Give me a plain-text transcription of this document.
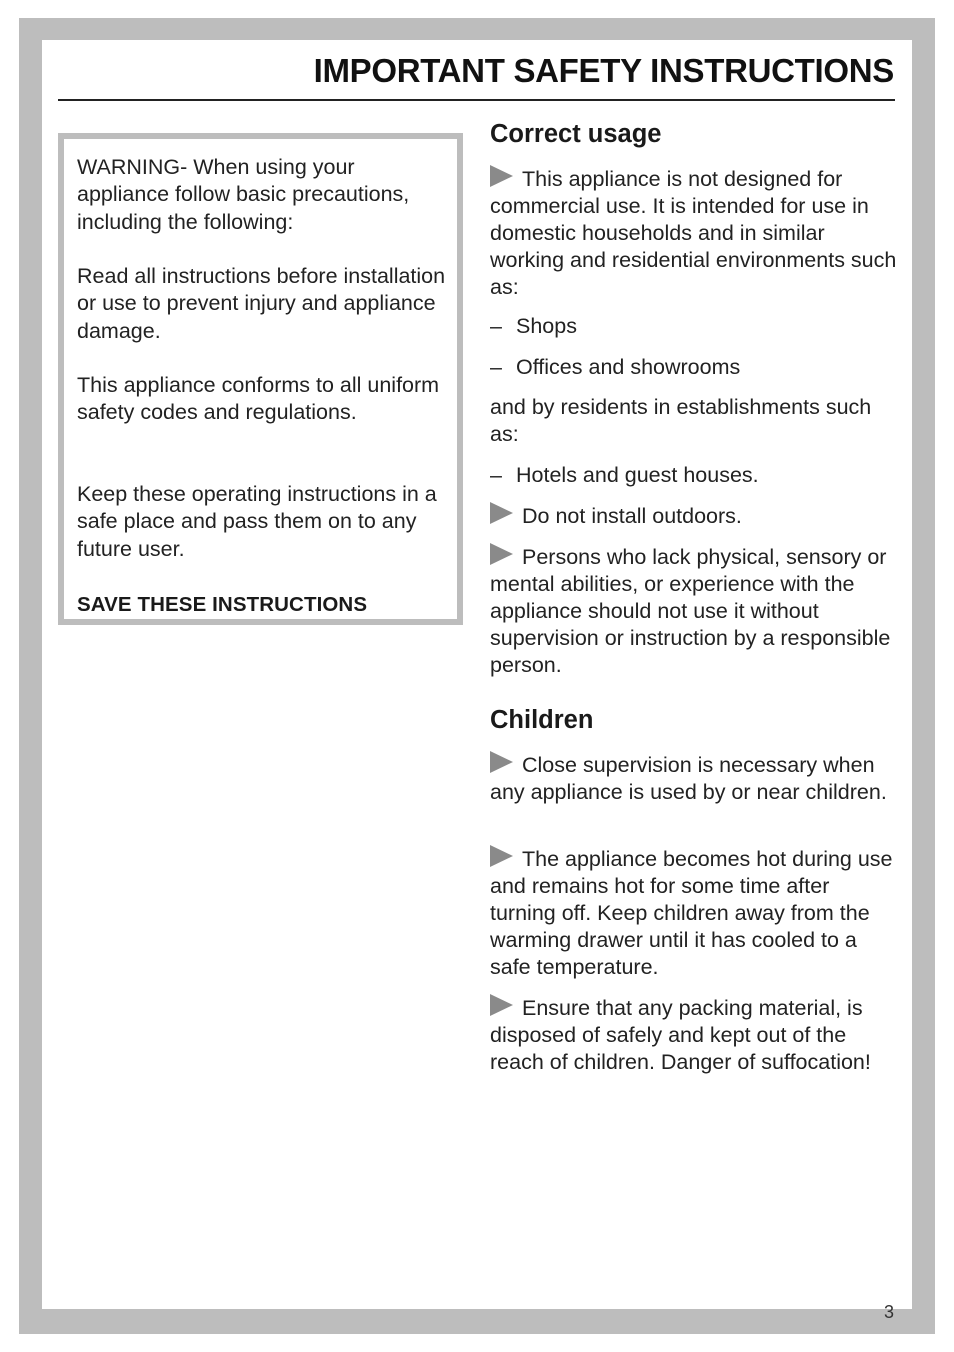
IMPORTANT SAFETY INSTRUCTIONS

WARNING- When using your appliance follow basic precautions, including the following:

Read all instructions before installation or use to prevent injury and appliance damage.

This appliance conforms to all uniform safety codes and regulations.

Keep these operating instructions in a safe place and pass them on to any future user.

SAVE THESE INSTRUCTIONS

Correct usage

This appliance is not designed for commercial use. It is intended for use in domestic households and in similar working and residential environments such as:

– Shops
– Offices and showrooms

and by residents in establishments such as:

– Hotels and guest houses.

Do not install outdoors.

Persons who lack physical, sensory or mental abilities, or experience with the appliance should not use it without supervision or instruction by a responsible person.

Children

Close supervision is necessary when any appliance is used by or near children.

The appliance becomes hot during use and remains hot for some time after turning off. Keep children away from the warming drawer until it has cooled to a safe temperature.

Ensure that any packing material, is disposed of safely and kept out of the reach of children. Danger of suffocation!

3
